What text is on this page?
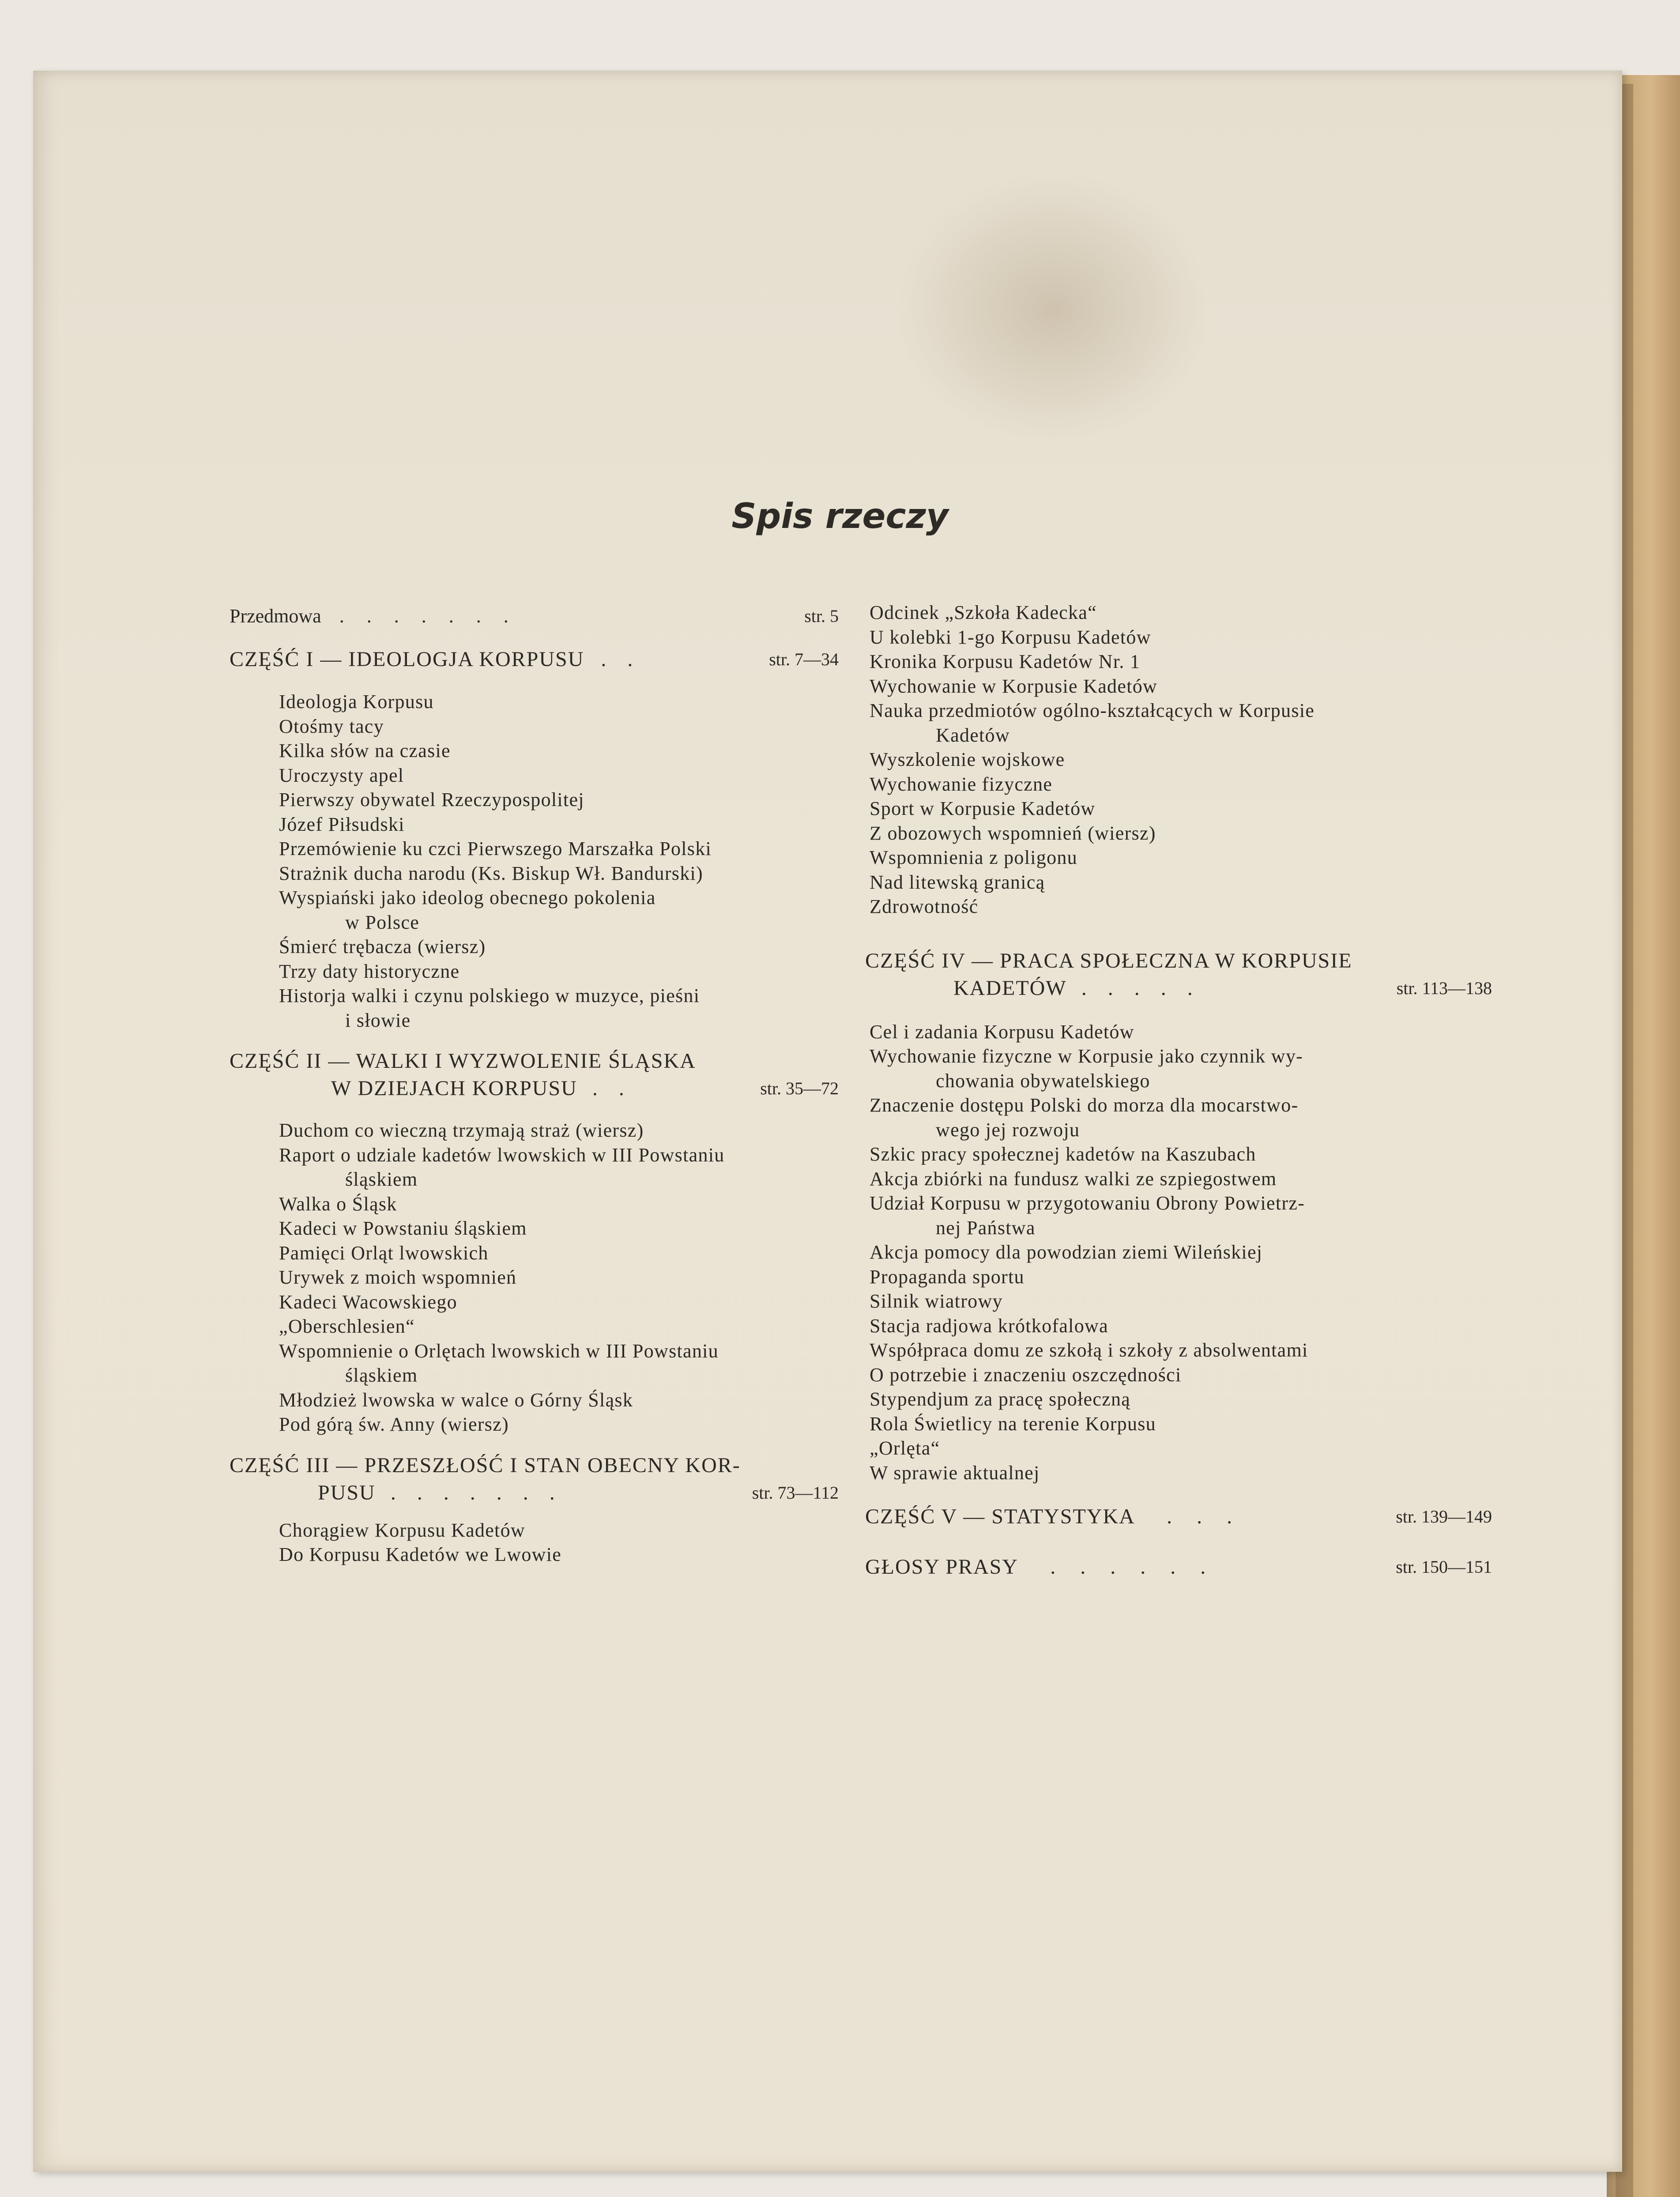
Spis rzeczy
Przedmowa . . . . . . .	str. 5
CZĘŚĆ I — IDEOLOGJA KORPUSU . .	str. 7—34
Ideologja Korpusu
Otośmy tacy
Kilka słów na czasie
Uroczysty apel
Pierwszy obywatel Rzeczypospolitej
Józef Piłsudski
Przemówienie ku czci Pierwszego Marszałka Polski
Strażnik ducha narodu (Ks. Biskup Wł. Bandurski)
Wyspiański jako ideolog obecnego pokolenia
w Polsce
Śmierć trębacza (wiersz)
Trzy daty historyczne
Historja walki i czynu polskiego w muzyce, pieśni
i słowie
CZĘŚĆ II — WALKI I WYZWOLENIE ŚLĄSKA
W DZIEJACH KORPUSU . .	str. 35—72
Duchom co wieczną trzymają straż (wiersz)
Raport o udziale kadetów lwowskich w III Powstaniu
śląskiem
Walka o Śląsk
Kadeci w Powstaniu śląskiem
Pamięci Orląt lwowskich
Urywek z moich wspomnień
Kadeci Wacowskiego
„Oberschlesien“
Wspomnienie o Orlętach lwowskich w III Powstaniu
śląskiem
Młodzież lwowska w walce o Górny Śląsk
Pod górą św. Anny (wiersz)
CZĘŚĆ III — PRZESZŁOŚĆ I STAN OBECNY KOR-
PUSU . . . . . . .	str. 73—112
Chorągiew Korpusu Kadetów
Do Korpusu Kadetów we Lwowie
Odcinek „Szkoła Kadecka“
U kolebki 1-go Korpusu Kadetów
Kronika Korpusu Kadetów Nr. 1
Wychowanie w Korpusie Kadetów
Nauka przedmiotów ogólno-kształcących w Korpusie
Kadetów
Wyszkolenie wojskowe
Wychowanie fizyczne
Sport w Korpusie Kadetów
Z obozowych wspomnień (wiersz)
Wspomnienia z poligonu
Nad litewską granicą
Zdrowotność
CZĘŚĆ IV — PRACA SPOŁECZNA W KORPUSIE
KADETÓW . . . . .	str. 113—138
Cel i zadania Korpusu Kadetów
Wychowanie fizyczne w Korpusie jako czynnik wy-
chowania obywatelskiego
Znaczenie dostępu Polski do morza dla mocarstwo-
wego jej rozwoju
Szkic pracy społecznej kadetów na Kaszubach
Akcja zbiórki na fundusz walki ze szpiegostwem
Udział Korpusu w przygotowaniu Obrony Powietrz-
nej Państwa
Akcja pomocy dla powodzian ziemi Wileńskiej
Propaganda sportu
Silnik wiatrowy
Stacja radjowa krótkofalowa
Współpraca domu ze szkołą i szkoły z absolwentami
O potrzebie i znaczeniu oszczędności
Stypendjum za pracę społeczną
Rola Świetlicy na terenie Korpusu
„Orlęta“
W sprawie aktualnej
CZĘŚĆ V — STATYSTYKA . . .	str. 139—149
GŁOSY PRASY . . . . . .	str. 150—151
